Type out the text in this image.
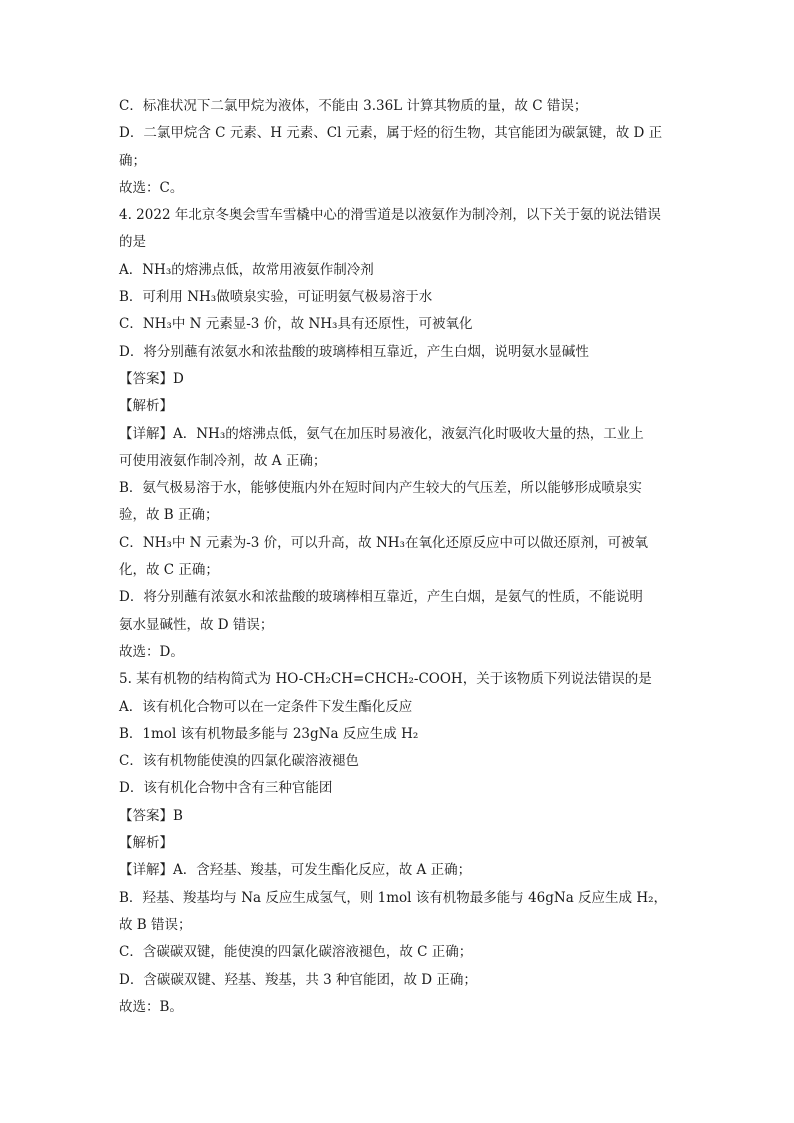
C．标准状况下二氯甲烷为液体，不能由 3.36L 计算其物质的量，故 C 错误；
D．二氯甲烷含 C 元素、H 元素、Cl 元素，属于烃的衍生物，其官能团为碳氯键，故 D 正
确；
故选：C。
4. 2022 年北京冬奥会雪车雪橇中心的滑雪道是以液氨作为制冷剂，以下关于氨的说法错误
的是
A．NH₃的熔沸点低，故常用液氨作制冷剂
B．可利用 NH₃做喷泉实验，可证明氨气极易溶于水
C．NH₃中 N 元素显-3 价，故 NH₃具有还原性，可被氧化
D．将分别蘸有浓氨水和浓盐酸的玻璃棒相互靠近，产生白烟，说明氨水显碱性
【答案】D
【解析】
【详解】A．NH₃的熔沸点低，氨气在加压时易液化，液氨汽化时吸收大量的热，工业上
可使用液氨作制冷剂，故 A 正确；
B．氨气极易溶于水，能够使瓶内外在短时间内产生较大的气压差，所以能够形成喷泉实
验，故 B 正确；
C．NH₃中 N 元素为-3 价，可以升高，故 NH₃在氧化还原反应中可以做还原剂，可被氧
化，故 C 正确；
D．将分别蘸有浓氨水和浓盐酸的玻璃棒相互靠近，产生白烟，是氨气的性质，不能说明
氨水显碱性，故 D 错误；
故选：D。
5. 某有机物的结构简式为 HO-CH₂CH=CHCH₂-COOH，关于该物质下列说法错误的是
A．该有机化合物可以在一定条件下发生酯化反应
B．1mol 该有机物最多能与 23gNa 反应生成 H₂
C．该有机物能使溴的四氯化碳溶液褪色
D．该有机化合物中含有三种官能团
【答案】B
【解析】
【详解】A．含羟基、羧基，可发生酯化反应，故 A 正确；
B．羟基、羧基均与 Na 反应生成氢气，则 1mol 该有机物最多能与 46gNa 反应生成 H₂，
故 B 错误；
C．含碳碳双键，能使溴的四氯化碳溶液褪色，故 C 正确；
D．含碳碳双键、羟基、羧基，共 3 种官能团，故 D 正确；
故选：B。
